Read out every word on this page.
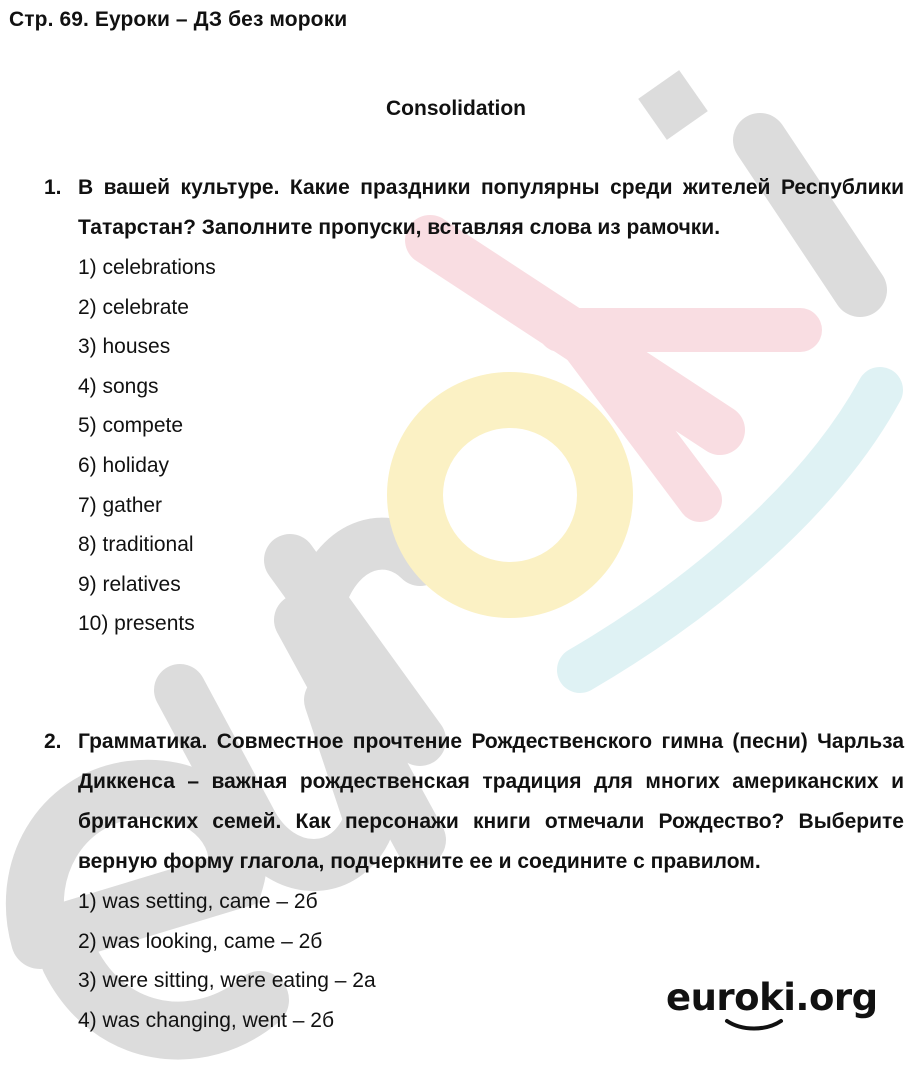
Стр. 69. Еуроки – ДЗ без мороки
Consolidation
1. В вашей культуре. Какие праздники популярны среди жителей Республики Татарстан? Заполните пропуски, вставляя слова из рамочки.
1) celebrations
2) celebrate
3) houses
4) songs
5) compete
6) holiday
7) gather
8) traditional
9) relatives
10) presents
2. Грамматика. Совместное прочтение Рождественского гимна (песни) Чарльза Диккенса – важная рождественская традиция для многих американских и британских семей. Как персонажи книги отмечали Рождество? Выберите верную форму глагола, подчеркните ее и соедините с правилом.
1) was setting, came – 2б
2) was looking, came – 2б
3) were sitting, were eating – 2а
4) was changing, went – 2б
euroki.org
